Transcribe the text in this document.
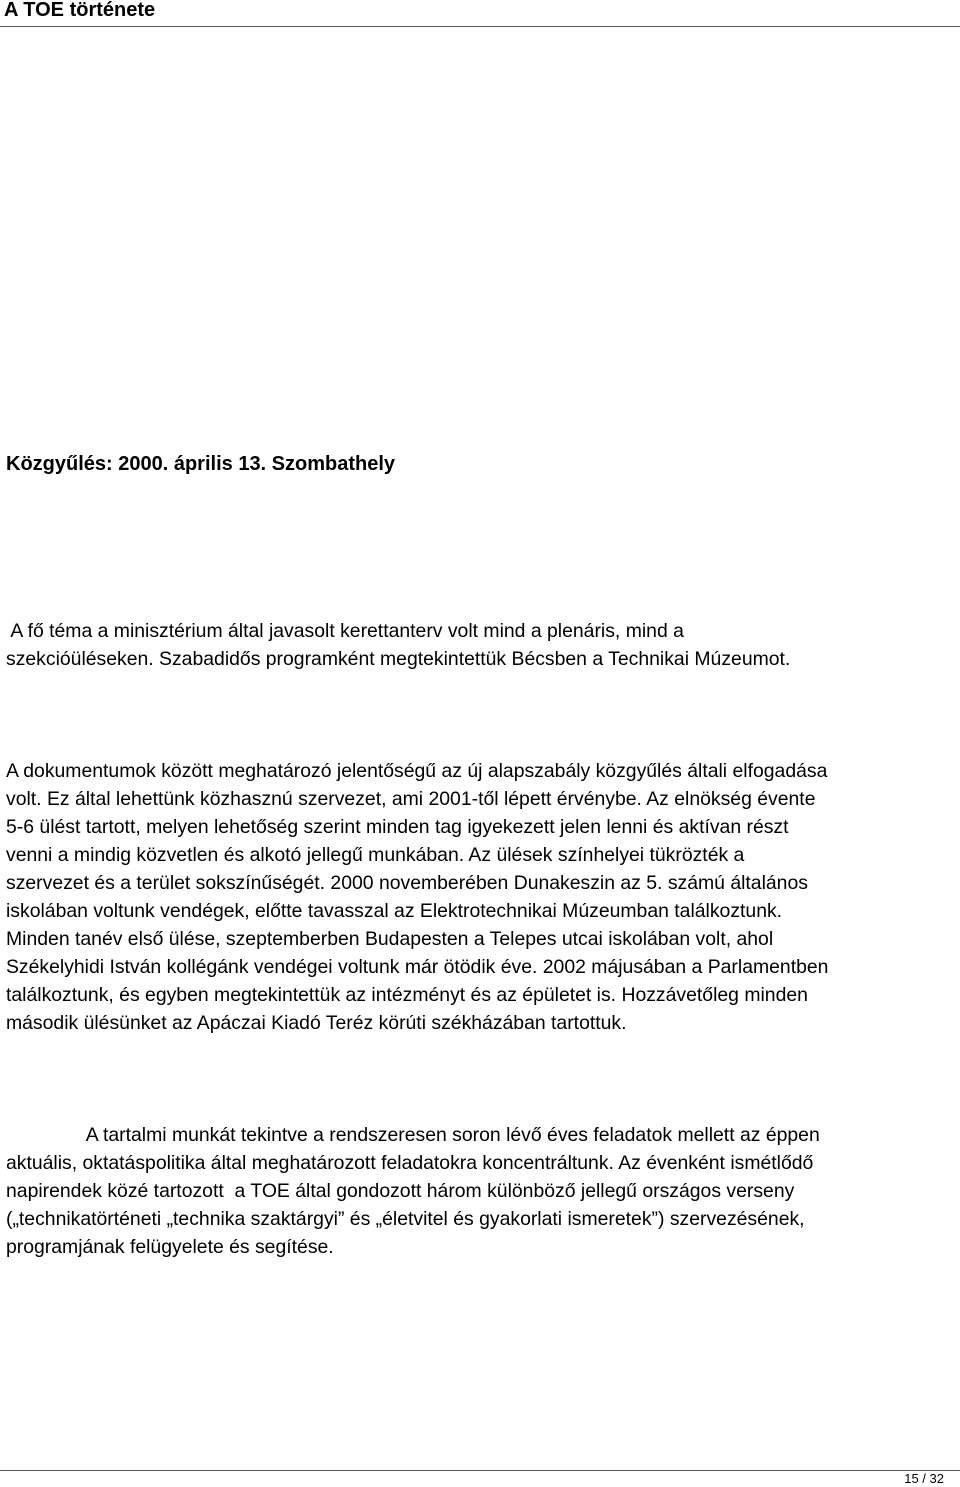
A TOE története
Közgyűlés: 2000. április 13. Szombathely
A fő téma a minisztérium által javasolt kerettanterv volt mind a plenáris, mind a
szekcióüléseken. Szabadidős programként megtekintettük Bécsben a Technikai Múzeumot.
A dokumentumok között meghatározó jelentőségű az új alapszabály közgyűlés általi elfogadása
volt. Ez által lehettünk közhasznú szervezet, ami 2001-től lépett érvénybe. Az elnökség évente
5-6 ülést tartott, melyen lehetőség szerint minden tag igyekezett jelen lenni és aktívan részt
venni a mindig közvetlen és alkotó jellegű munkában. Az ülések színhelyei tükrözték a
szervezet és a terület sokszínűségét. 2000 novemberében Dunakeszin az 5. számú általános
iskolában voltunk vendégek, előtte tavasszal az Elektrotechnikai Múzeumban találkoztunk.
Minden tanév első ülése, szeptemberben Budapesten a Telepes utcai iskolában volt, ahol
Székelyhidi István kollégánk vendégei voltunk már ötödik éve. 2002 májusában a Parlamentben
találkoztunk, és egyben megtekintettük az intézményt és az épületet is. Hozzávetőleg minden
második ülésünket az Apáczai Kiadó Teréz körúti székházában tartottuk.
A tartalmi munkát tekintve a rendszeresen soron lévő éves feladatok mellett az éppen
aktuális, oktatáspolitika által meghatározott feladatokra koncentráltunk. Az évenként ismétlődő
napirendek közé tartozott  a TOE által gondozott három különböző jellegű országos verseny
(„technikatörténeti „technika szaktárgyi” és „életvitel és gyakorlati ismeretek”) szervezésének,
programjának felügyelete és segítése.
15 / 32
